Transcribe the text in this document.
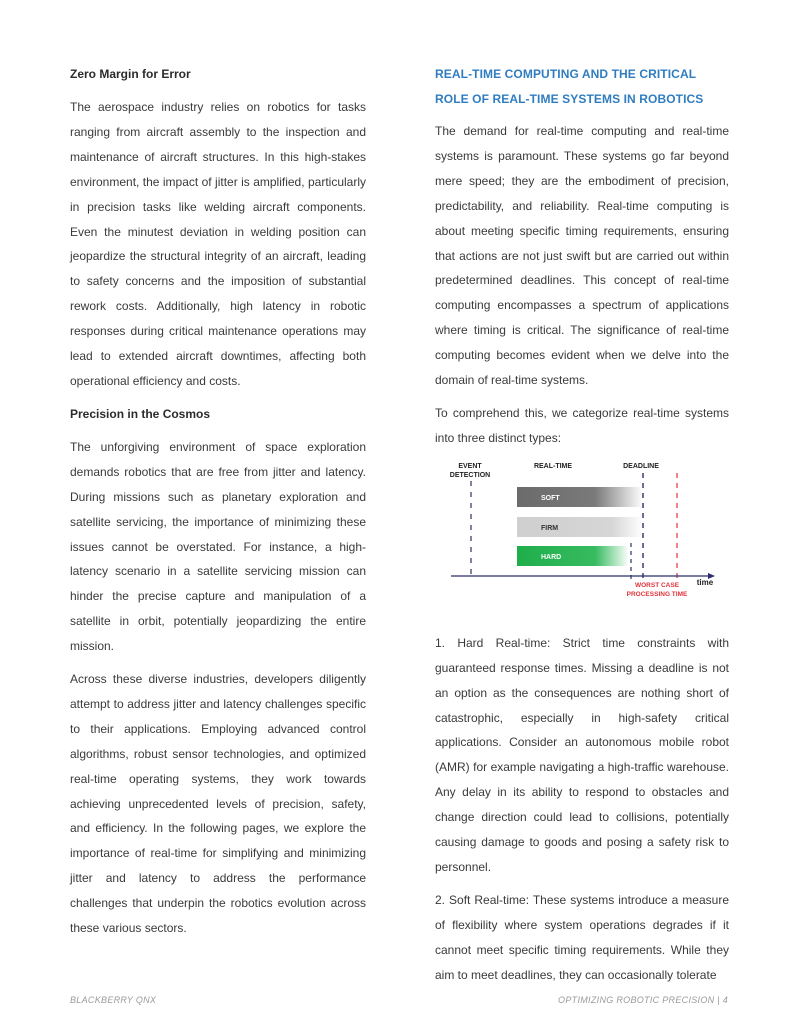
Zero Margin for Error

The aerospace industry relies on robotics for tasks ranging from aircraft assembly to the inspection and maintenance of aircraft structures. In this high-stakes environment, the impact of jitter is amplified, particularly in precision tasks like welding aircraft components. Even the minutest deviation in welding position can jeopardize the structural integrity of an aircraft, leading to safety concerns and the imposition of substantial rework costs. Additionally, high latency in robotic responses during critical maintenance operations may lead to extended aircraft downtimes, affecting both operational efficiency and costs.

Precision in the Cosmos

The unforgiving environment of space exploration demands robotics that are free from jitter and latency. During missions such as planetary exploration and satellite servicing, the importance of minimizing these issues cannot be overstated. For instance, a high-latency scenario in a satellite servicing mission can hinder the precise capture and manipulation of a satellite in orbit, potentially jeopardizing the entire mission.

Across these diverse industries, developers diligently attempt to address jitter and latency challenges specific to their applications. Employing advanced control algorithms, robust sensor technologies, and optimized real-time operating systems, they work towards achieving unprecedented levels of precision, safety, and efficiency. In the following pages, we explore the importance of real-time for simplifying and minimizing jitter and latency to address the performance challenges that underpin the robotics evolution across these various sectors.

REAL-TIME COMPUTING AND THE CRITICAL ROLE OF REAL-TIME SYSTEMS IN ROBOTICS

The demand for real-time computing and real-time systems is paramount. These systems go far beyond mere speed; they are the embodiment of precision, predictability, and reliability. Real-time computing is about meeting specific timing requirements, ensuring that actions are not just swift but are carried out within predetermined deadlines. This concept of real-time computing encompasses a spectrum of applications where timing is critical. The significance of real-time computing becomes evident when we delve into the domain of real-time systems.

To comprehend this, we categorize real-time systems into three distinct types:

EVENT
DETECTION
REAL-TIME	DEADLINE
SOFT
FIRM
HARD
time
WORST CASE
PROCESSING TIME

1. Hard Real-time: Strict time constraints with guaranteed response times. Missing a deadline is not an option as the consequences are nothing short of catastrophic, especially in high-safety critical applications. Consider an autonomous mobile robot (AMR) for example navigating a high-traffic warehouse. Any delay in its ability to respond to obstacles and change direction could lead to collisions, potentially causing damage to goods and posing a safety risk to personnel.

2. Soft Real-time: These systems introduce a measure of flexibility where system operations degrades if it cannot meet specific timing requirements. While they aim to meet deadlines, they can occasionally tolerate

BLACKBERRY QNX	OPTIMIZING ROBOTIC PRECISION | 4
